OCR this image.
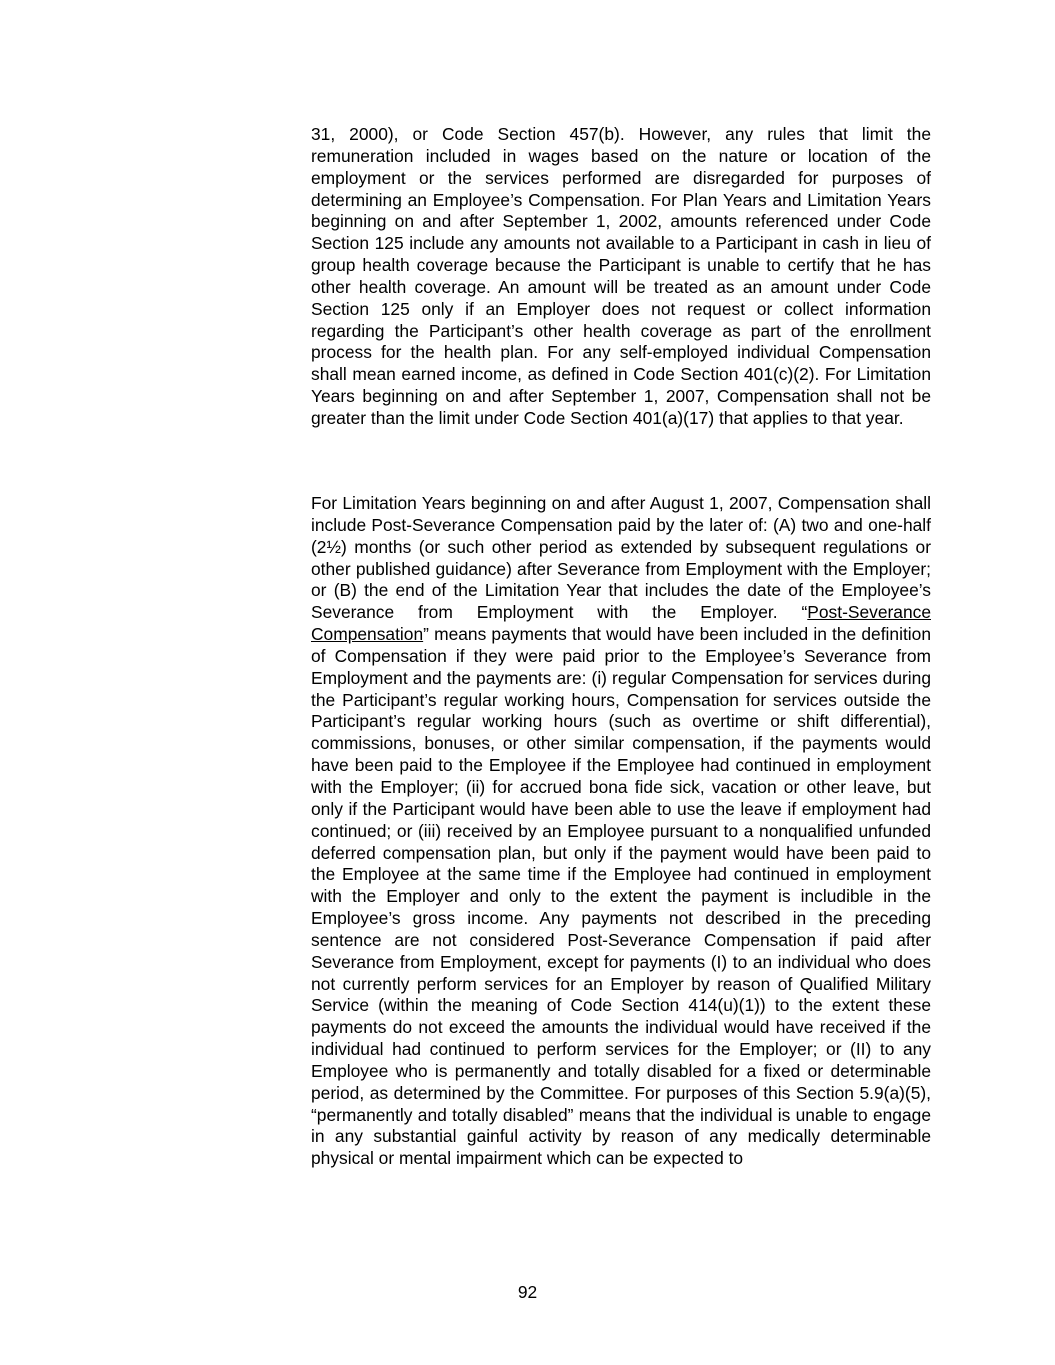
31, 2000), or Code Section 457(b). However, any rules that limit the remuneration included in wages based on the nature or location of the employment or the services performed are disregarded for purposes of determining an Employee’s Compensation. For Plan Years and Limitation Years beginning on and after September 1, 2002, amounts referenced under Code Section 125 include any amounts not available to a Participant in cash in lieu of group health coverage because the Participant is unable to certify that he has other health coverage. An amount will be treated as an amount under Code Section 125 only if an Employer does not request or collect information regarding the Participant’s other health coverage as part of the enrollment process for the health plan. For any self-employed individual Compensation shall mean earned income, as defined in Code Section 401(c)(2). For Limitation Years beginning on and after September 1, 2007, Compensation shall not be greater than the limit under Code Section 401(a)(17) that applies to that year.

For Limitation Years beginning on and after August 1, 2007, Compensation shall include Post-Severance Compensation paid by the later of: (A) two and one-half (2½) months (or such other period as extended by subsequent regulations or other published guidance) after Severance from Employment with the Employer; or (B) the end of the Limitation Year that includes the date of the Employee’s Severance from Employment with the Employer. “Post-Severance Compensation” means payments that would have been included in the definition of Compensation if they were paid prior to the Employee’s Severance from Employment and the payments are: (i) regular Compensation for services during the Participant’s regular working hours, Compensation for services outside the Participant’s regular working hours (such as overtime or shift differential), commissions, bonuses, or other similar compensation, if the payments would have been paid to the Employee if the Employee had continued in employment with the Employer; (ii) for accrued bona fide sick, vacation or other leave, but only if the Participant would have been able to use the leave if employment had continued; or (iii) received by an Employee pursuant to a nonqualified unfunded deferred compensation plan, but only if the payment would have been paid to the Employee at the same time if the Employee had continued in employment with the Employer and only to the extent the payment is includible in the Employee’s gross income. Any payments not described in the preceding sentence are not considered Post-Severance Compensation if paid after Severance from Employment, except for payments (I) to an individual who does not currently perform services for an Employer by reason of Qualified Military Service (within the meaning of Code Section 414(u)(1)) to the extent these payments do not exceed the amounts the individual would have received if the individual had continued to perform services for the Employer; or (II) to any Employee who is permanently and totally disabled for a fixed or determinable period, as determined by the Committee. For purposes of this Section 5.9(a)(5), “permanently and totally disabled” means that the individual is unable to engage in any substantial gainful activity by reason of any medically determinable physical or mental impairment which can be expected to

92
